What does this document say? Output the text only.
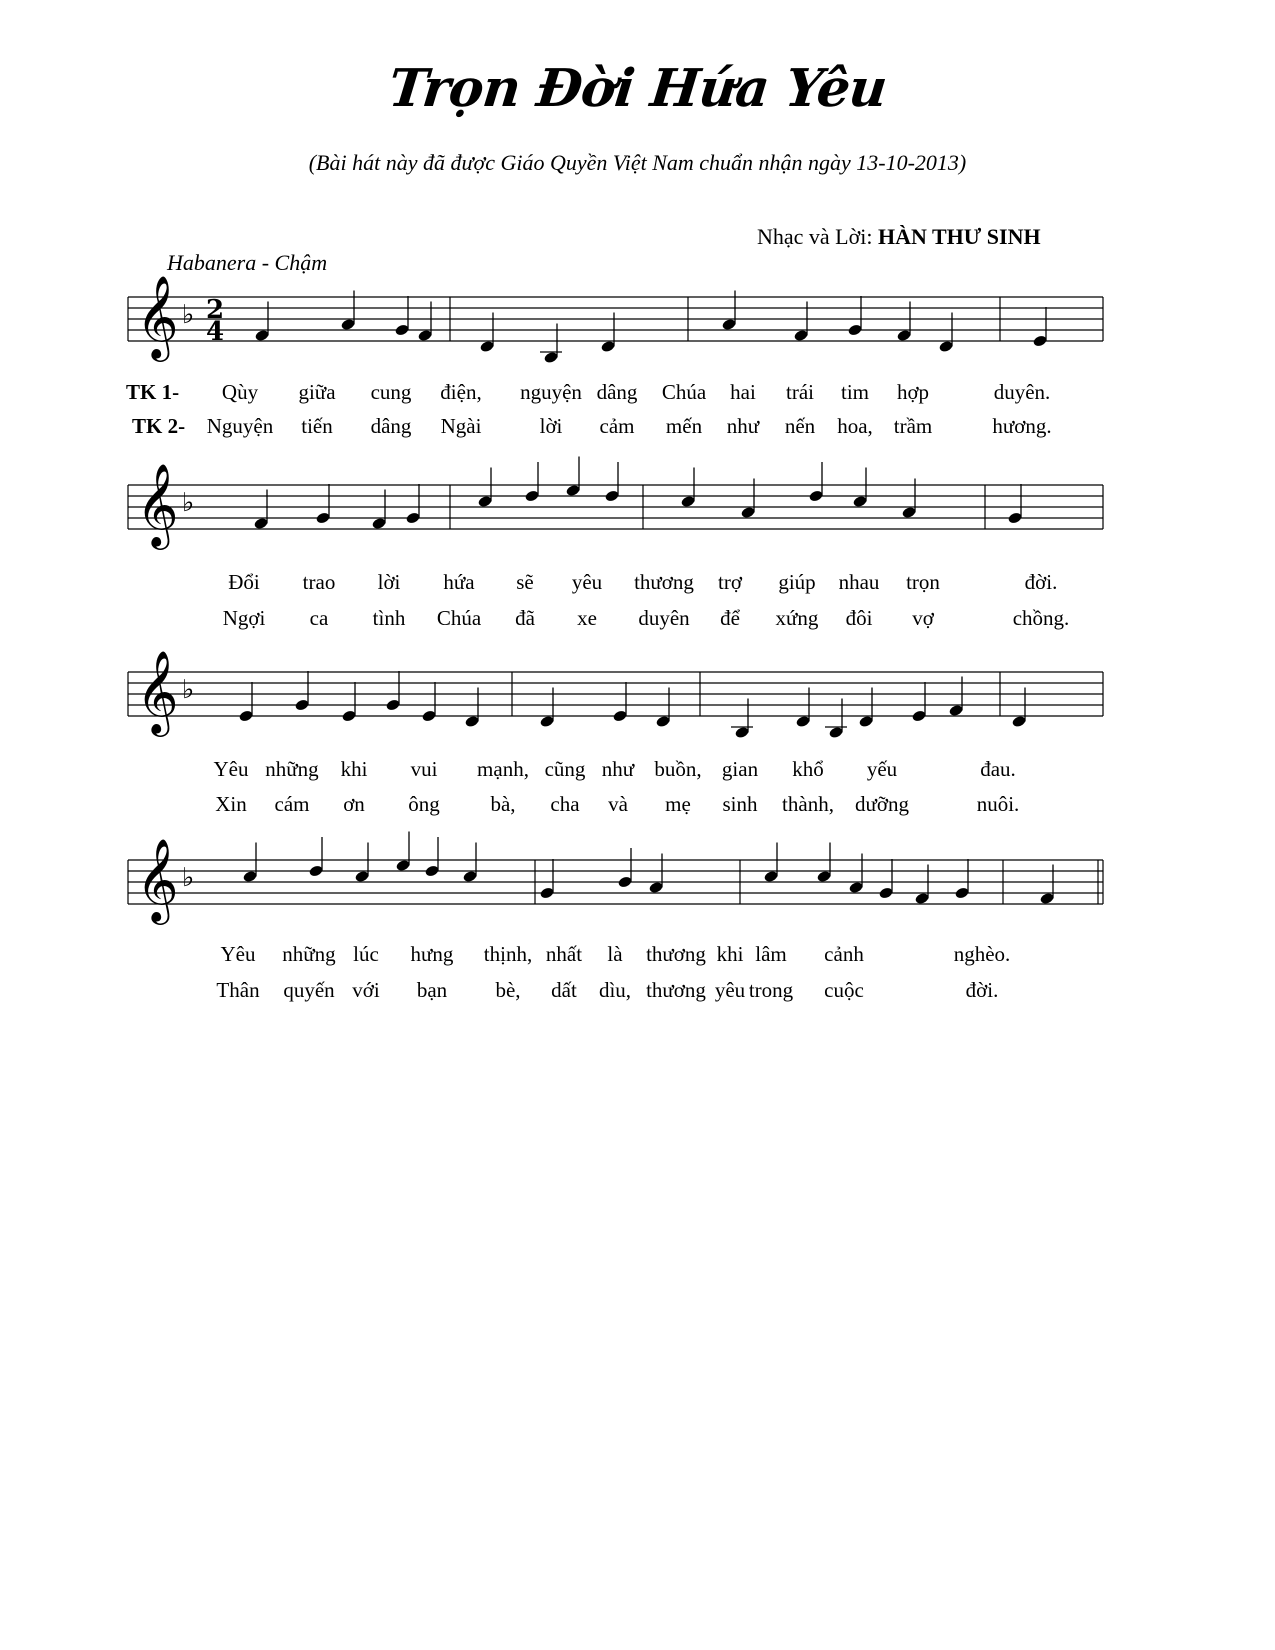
Trọn Đời Hứa Yêu
(Bài hát này đã được Giáo Quyền Việt Nam chuẩn nhận ngày 13-10-2013)
Nhạc và Lời: HÀN THƯ SINH
Habanera - Chậm
𝄞 ♭ 2
4
𝄞 ♭
𝄞 ♭
𝄞 ♭
Qùy giữa cung điện, nguyện dâng Chúa hai trái tim hợp	duyên.
Nguyện tiến dâng Ngài	lời cảm mến như nến hoa, trầm	hương.
Đổi trao lời hứa sẽ yêu thương trợ giúp nhau trọn	đời.
Ngợi ca tình Chúa đã xe duyên để xứng đôi vợ	chồng.
Yêu những khi vui mạnh, cũng như buồn, gian khổ yếu	đau.
Xin cám ơn ông bà, cha và mẹ sinh thành, dưỡng	nuôi.
Yêu những lúc hưng thịnh, nhất là thương khi lâm cảnh	nghèo.
Thân quyến với bạn bè, dất dìu, thương yêu trong cuộc	đời.
TK 1-
TK 2-
